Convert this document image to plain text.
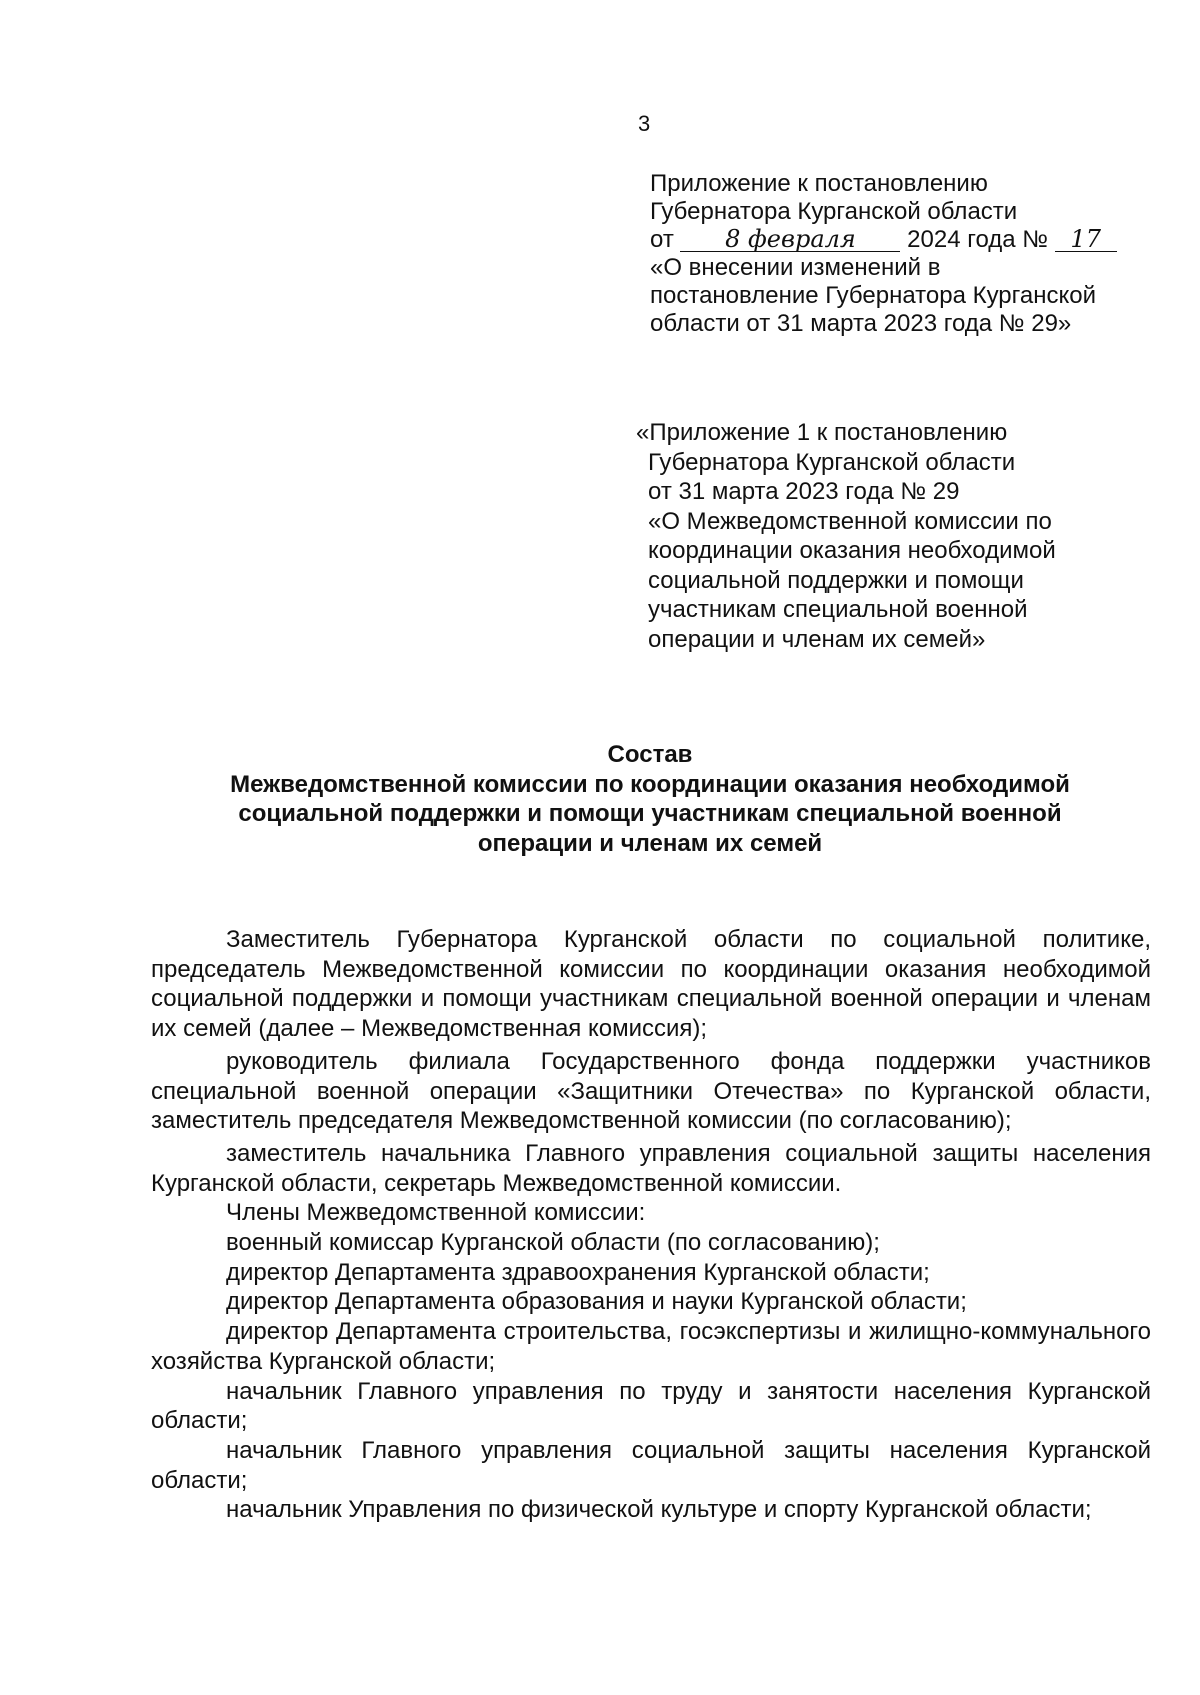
3
Приложение к постановлению
Губернатора Курганской области
от 8 февраля 2024 года № 17
«О внесении изменений в
постановление Губернатора Курганской
области от 31 марта 2023 года № 29»
«Приложение 1 к постановлению
Губернатора Курганской области
от 31 марта 2023 года № 29
«О Межведомственной комиссии по
координации оказания необходимой
социальной поддержки и помощи
участникам специальной военной
операции и членам их семей»
Состав
Межведомственной комиссии по координации оказания необходимой
социальной поддержки и помощи участникам специальной военной
операции и членам их семей

Заместитель Губернатора Курганской области по социальной политике, председатель Межведомственной комиссии по координации оказания необходимой социальной поддержки и помощи участникам специальной военной операции и членам их семей (далее – Межведомственная комиссия);

руководитель филиала Государственного фонда поддержки участников специальной военной операции «Защитники Отечества» по Курганской области, заместитель председателя Межведомственной комиссии (по согласованию);

заместитель начальника Главного управления социальной защиты населения Курганской области, секретарь Межведомственной комиссии.

Члены Межведомственной комиссии:

военный комиссар Курганской области (по согласованию);

директор Департамента здравоохранения Курганской области;

директор Департамента образования и науки Курганской области;

директор Департамента строительства, госэкспертизы и жилищно-коммунального хозяйства Курганской области;

начальник Главного управления по труду и занятости населения Курганской области;

начальник Главного управления социальной защиты населения Курганской области;

начальник Управления по физической культуре и спорту Курганской области;
